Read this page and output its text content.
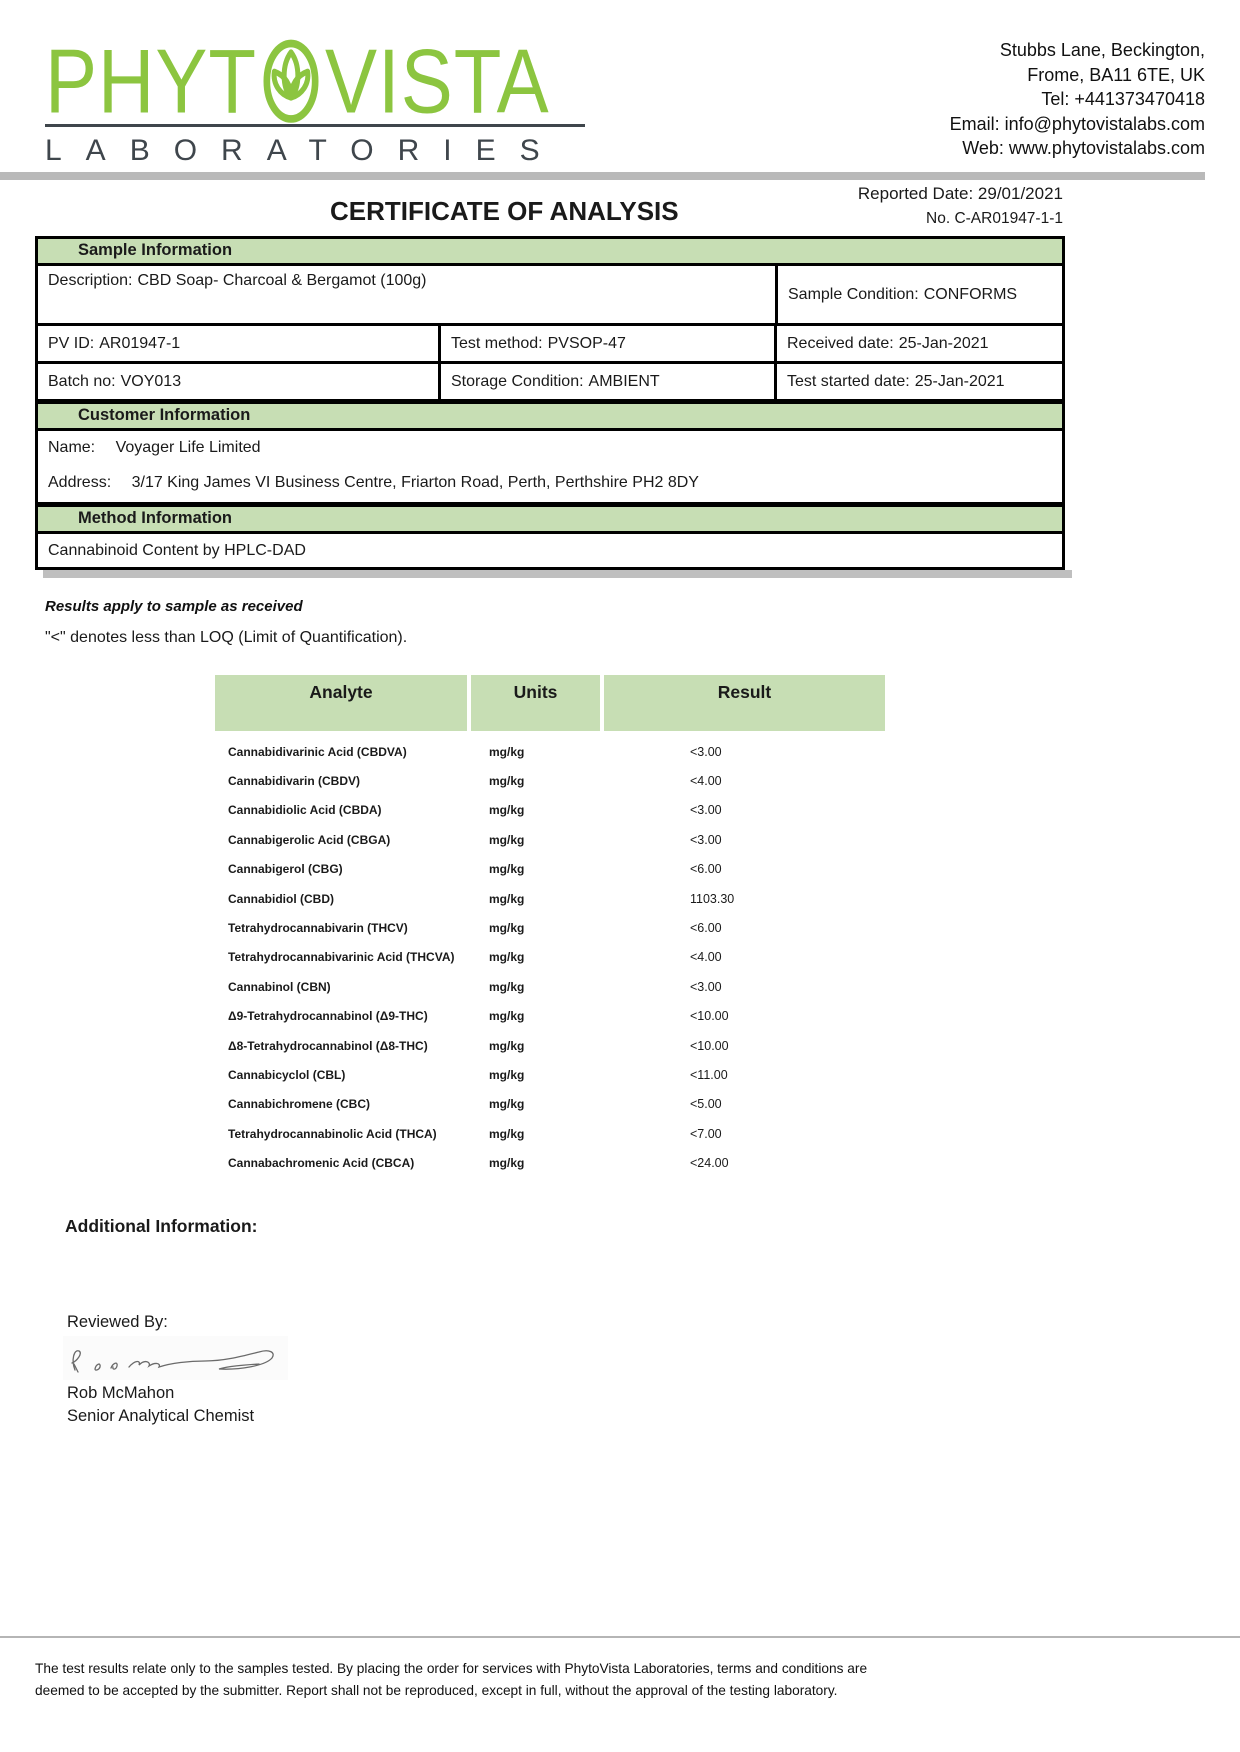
PHYT VISTA
LABORATORIES
Stubbs Lane, Beckington,
Frome, BA11 6TE, UK
Tel: +441373470418
Email: info@phytovistalabs.com
Web: www.phytovistalabs.com
CERTIFICATE OF ANALYSIS
Reported Date: 29/01/2021
No. C-AR01947-1-1
Sample Information
Description: CBD Soap- Charcoal & Bergamot (100g)
Sample Condition: CONFORMS
PV ID: AR01947-1	Test method: PVSOP-47	Received date: 25-Jan-2021
Batch no: VOY013	Storage Condition: AMBIENT	Test started date: 25-Jan-2021
Customer Information
Name: Voyager Life Limited
Address: 3/17 King James VI Business Centre, Friarton Road, Perth, Perthshire PH2 8DY
Method Information
Cannabinoid Content by HPLC-DAD
Results apply to sample as received
"<" denotes less than LOQ (Limit of Quantification).
Analyte	Units	Result
Cannabidivarinic Acid (CBDVA)	mg/kg	<3.00
Cannabidivarin (CBDV)	mg/kg	<4.00
Cannabidiolic Acid (CBDA)	mg/kg	<3.00
Cannabigerolic Acid (CBGA)	mg/kg	<3.00
Cannabigerol (CBG)	mg/kg	<6.00
Cannabidiol (CBD)	mg/kg	1103.30
Tetrahydrocannabivarin (THCV)	mg/kg	<6.00
Tetrahydrocannabivarinic Acid (THCVA)	mg/kg	<4.00
Cannabinol (CBN)	mg/kg	<3.00
Δ9-Tetrahydrocannabinol (Δ9-THC)	mg/kg	<10.00
Δ8-Tetrahydrocannabinol (Δ8-THC)	mg/kg	<10.00
Cannabicyclol (CBL)	mg/kg	<11.00
Cannabichromene (CBC)	mg/kg	<5.00
Tetrahydrocannabinolic Acid (THCA)	mg/kg	<7.00
Cannabachromenic Acid (CBCA)	mg/kg	<24.00
Additional Information:
Reviewed By:
Rob McMahon
Senior Analytical Chemist
The test results relate only to the samples tested. By placing the order for services with PhytoVista Laboratories, terms and conditions are
deemed to be accepted by the submitter. Report shall not be reproduced, except in full, without the approval of the testing laboratory.
